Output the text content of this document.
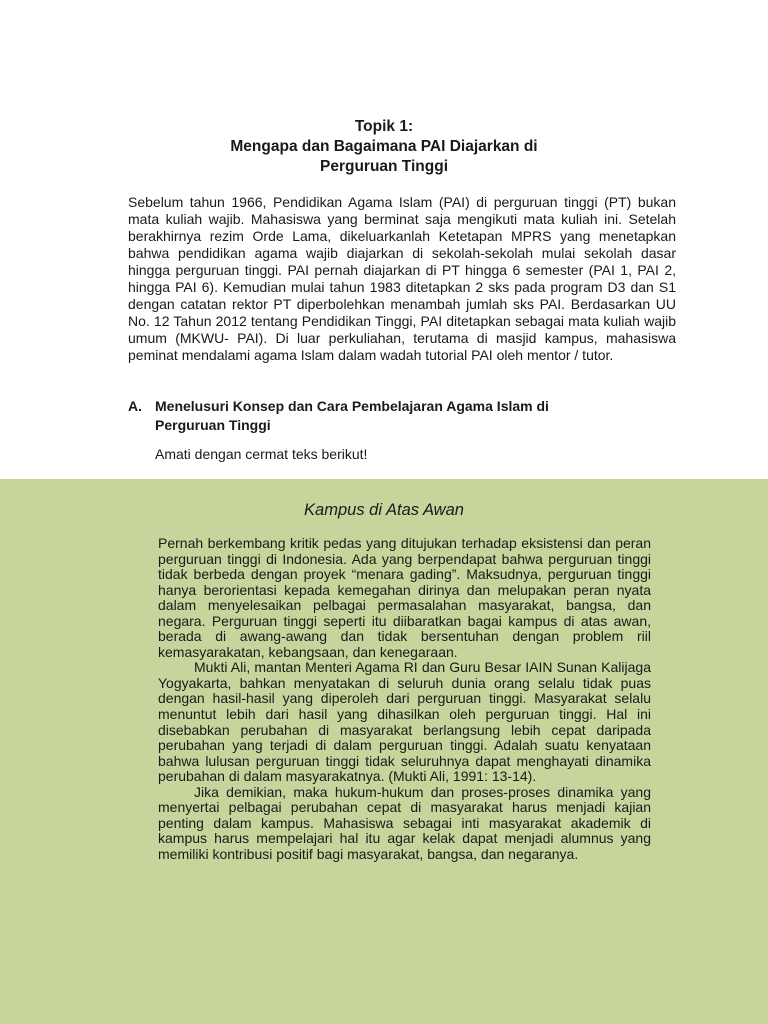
Topik 1:
Mengapa dan Bagaimana PAI Diajarkan di
Perguruan Tinggi

Sebelum tahun 1966, Pendidikan Agama Islam (PAI) di perguruan tinggi (PT) bukan mata kuliah wajib. Mahasiswa yang berminat saja mengikuti mata kuliah ini. Setelah berakhirnya rezim Orde Lama, dikeluarkanlah Ketetapan MPRS yang menetapkan bahwa pendidikan agama wajib diajarkan di sekolah-sekolah mulai sekolah dasar hingga perguruan tinggi. PAI pernah diajarkan di PT hingga 6 semester (PAI 1, PAI 2, hingga PAI 6). Kemudian mulai tahun 1983 ditetapkan 2 sks pada program D3 dan S1 dengan catatan rektor PT diperbolehkan menambah jumlah sks PAI. Berdasarkan UU No. 12 Tahun 2012 tentang Pendidikan Tinggi, PAI ditetapkan sebagai mata kuliah wajib umum (MKWU- PAI). Di luar perkuliahan, terutama di masjid kampus, mahasiswa peminat mendalami agama Islam dalam wadah tutorial PAI oleh mentor / tutor.

A. Menelusuri Konsep dan Cara Pembelajaran Agama Islam di Perguruan Tinggi

Amati dengan cermat teks berikut!

Kampus di Atas Awan

Pernah berkembang kritik pedas yang ditujukan terhadap eksistensi dan peran perguruan tinggi di Indonesia. Ada yang berpendapat bahwa perguruan tinggi tidak berbeda dengan proyek “menara gading”. Maksudnya, perguruan tinggi hanya berorientasi kepada kemegahan dirinya dan melupakan peran nyata dalam menyelesaikan pelbagai permasalahan masyarakat, bangsa, dan negara. Perguruan tinggi seperti itu diibaratkan bagai kampus di atas awan, berada di awang-awang dan tidak bersentuhan dengan problem riil kemasyarakatan, kebangsaan, dan kenegaraan.

Mukti Ali, mantan Menteri Agama RI dan Guru Besar IAIN Sunan Kalijaga Yogyakarta, bahkan menyatakan di seluruh dunia orang selalu tidak puas dengan hasil-hasil yang diperoleh dari perguruan tinggi. Masyarakat selalu menuntut lebih dari hasil yang dihasilkan oleh perguruan tinggi. Hal ini disebabkan perubahan di masyarakat berlangsung lebih cepat daripada perubahan yang terjadi di dalam perguruan tinggi. Adalah suatu kenyataan bahwa lulusan perguruan tinggi tidak seluruhnya dapat menghayati dinamika perubahan di dalam masyarakatnya. (Mukti Ali, 1991: 13-14).

Jika demikian, maka hukum-hukum dan proses-proses dinamika yang menyertai pelbagai perubahan cepat di masyarakat harus menjadi kajian penting dalam kampus. Mahasiswa sebagai inti masyarakat akademik di kampus harus mempelajari hal itu agar kelak dapat menjadi alumnus yang memiliki kontribusi positif bagi masyarakat, bangsa, dan negaranya.
